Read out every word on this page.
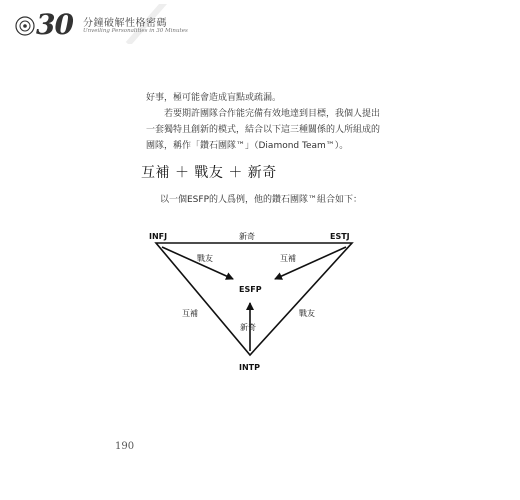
30 分鐘破解性格密碼
Unveiling Personalities in 30 Minutes

好事，極可能會造成盲點或疏漏。

若要期許團隊合作能完備有效地達到目標，我個人提出一套獨特且創新的模式，結合以下這三種關係的人所組成的團隊，稱作「鑽石團隊™」（Diamond Team™）。

互補 ＋ 戰友 ＋ 新奇
以一個ESFP的人爲例，他的鑽石團隊™組合如下：
INFJ	ESTJ
INTP
ESFP
新奇
戰友	互補
互補	戰友
新奇
190
